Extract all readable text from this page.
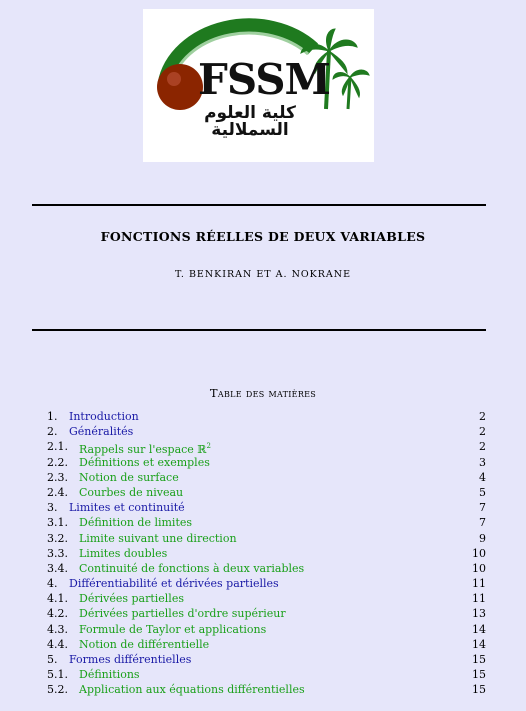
FSSM
كلية العلوم السملالية
FONCTIONS RÉELLES DE DEUX VARIABLES
T. BENKIRAN ET A. NOKRANE
Table des matières
1. Introduction	2
2. Généralités	2
2.1. Rappels sur l'espace ℝ$^2$	2
2.2. Définitions et exemples	3
2.3. Notion de surface	4
2.4. Courbes de niveau	5
3. Limites et continuité	7
3.1. Définition de limites	7
3.2. Limite suivant une direction	9
3.3. Limites doubles	10
3.4. Continuité de fonctions à deux variables	10
4. Différentiabilité et dérivées partielles	11
4.1. Dérivées partielles	11
4.2. Dérivées partielles d'ordre supérieur	13
4.3. Formule de Taylor et applications	14
4.4. Notion de différentielle	14
5. Formes différentielles	15
5.1. Définitions	15
5.2. Application aux équations différentielles	15
